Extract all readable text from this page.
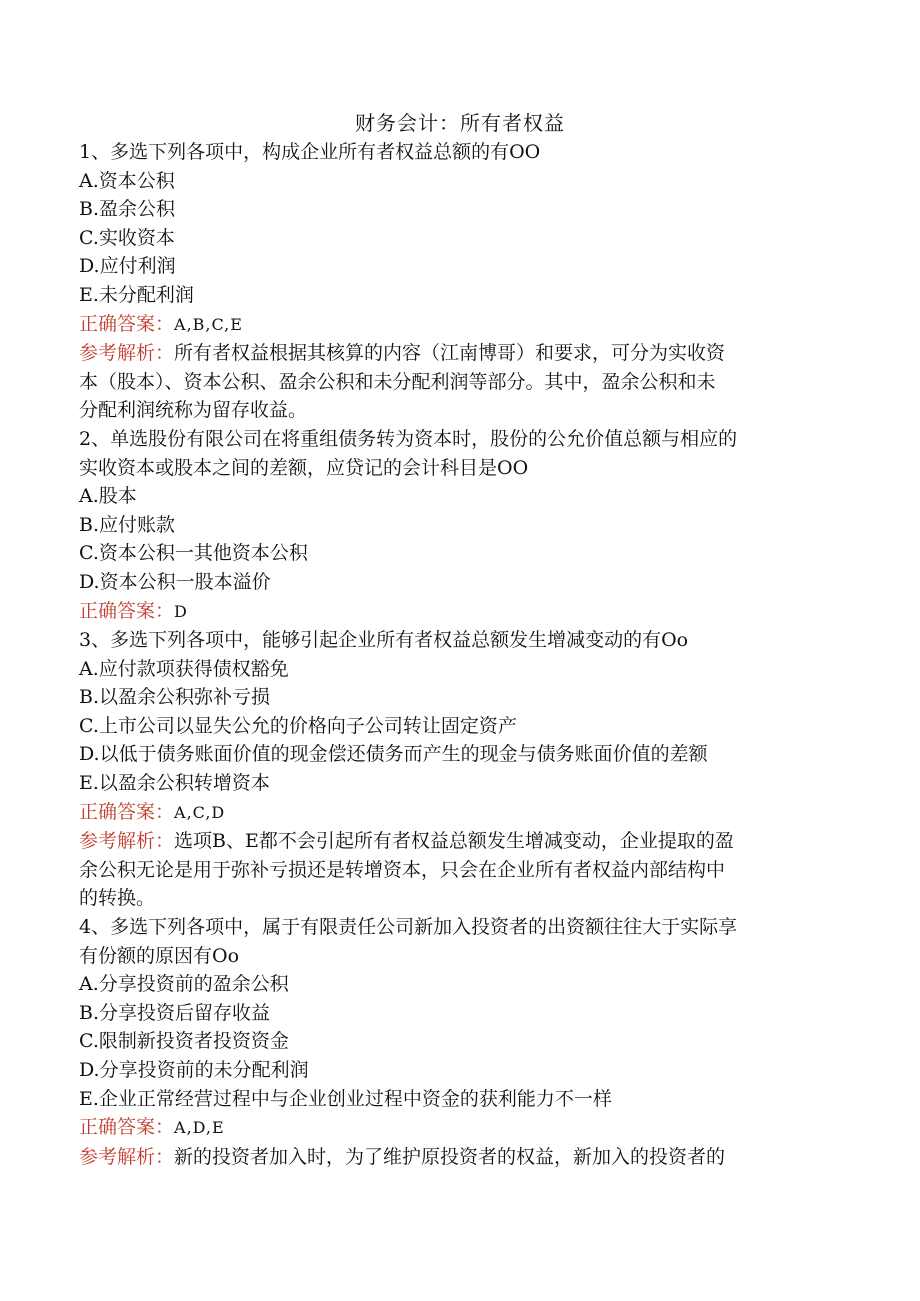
财务会计：所有者权益

1、多选下列各项中，构成企业所有者权益总额的有OO

A.资本公积

B.盈余公积

C.实收资本

D.应付利润

E.未分配利润

正确答案：A,B,C,E

参考解析：所有者权益根据其核算的内容（江南博哥）和要求，可分为实收资

本（股本）、资本公积、盈余公积和未分配利润等部分。其中，盈余公积和未

分配利润统称为留存收益。

2、单选股份有限公司在将重组债务转为资本时，股份的公允价值总额与相应的

实收资本或股本之间的差额，应贷记的会计科目是OO

A.股本

B.应付账款

C.资本公积一其他资本公积

D.资本公积一股本溢价

正确答案：D

3、多选下列各项中，能够引起企业所有者权益总额发生增减变动的有Oo

A.应付款项获得债权豁免

B.以盈余公积弥补亏损

C.上市公司以显失公允的价格向子公司转让固定资产

D.以低于债务账面价值的现金偿还债务而产生的现金与债务账面价值的差额

E.以盈余公积转增资本

正确答案：A,C,D

参考解析：选项B、E都不会引起所有者权益总额发生增减变动，企业提取的盈

余公积无论是用于弥补亏损还是转增资本，只会在企业所有者权益内部结构中

的转换。

4、多选下列各项中，属于有限责任公司新加入投资者的出资额往往大于实际享

有份额的原因有Oo

A.分享投资前的盈余公积

B.分享投资后留存收益

C.限制新投资者投资资金

D.分享投资前的未分配利润

E.企业正常经营过程中与企业创业过程中资金的获利能力不一样

正确答案：A,D,E

参考解析：新的投资者加入时，为了维护原投资者的权益，新加入的投资者的
